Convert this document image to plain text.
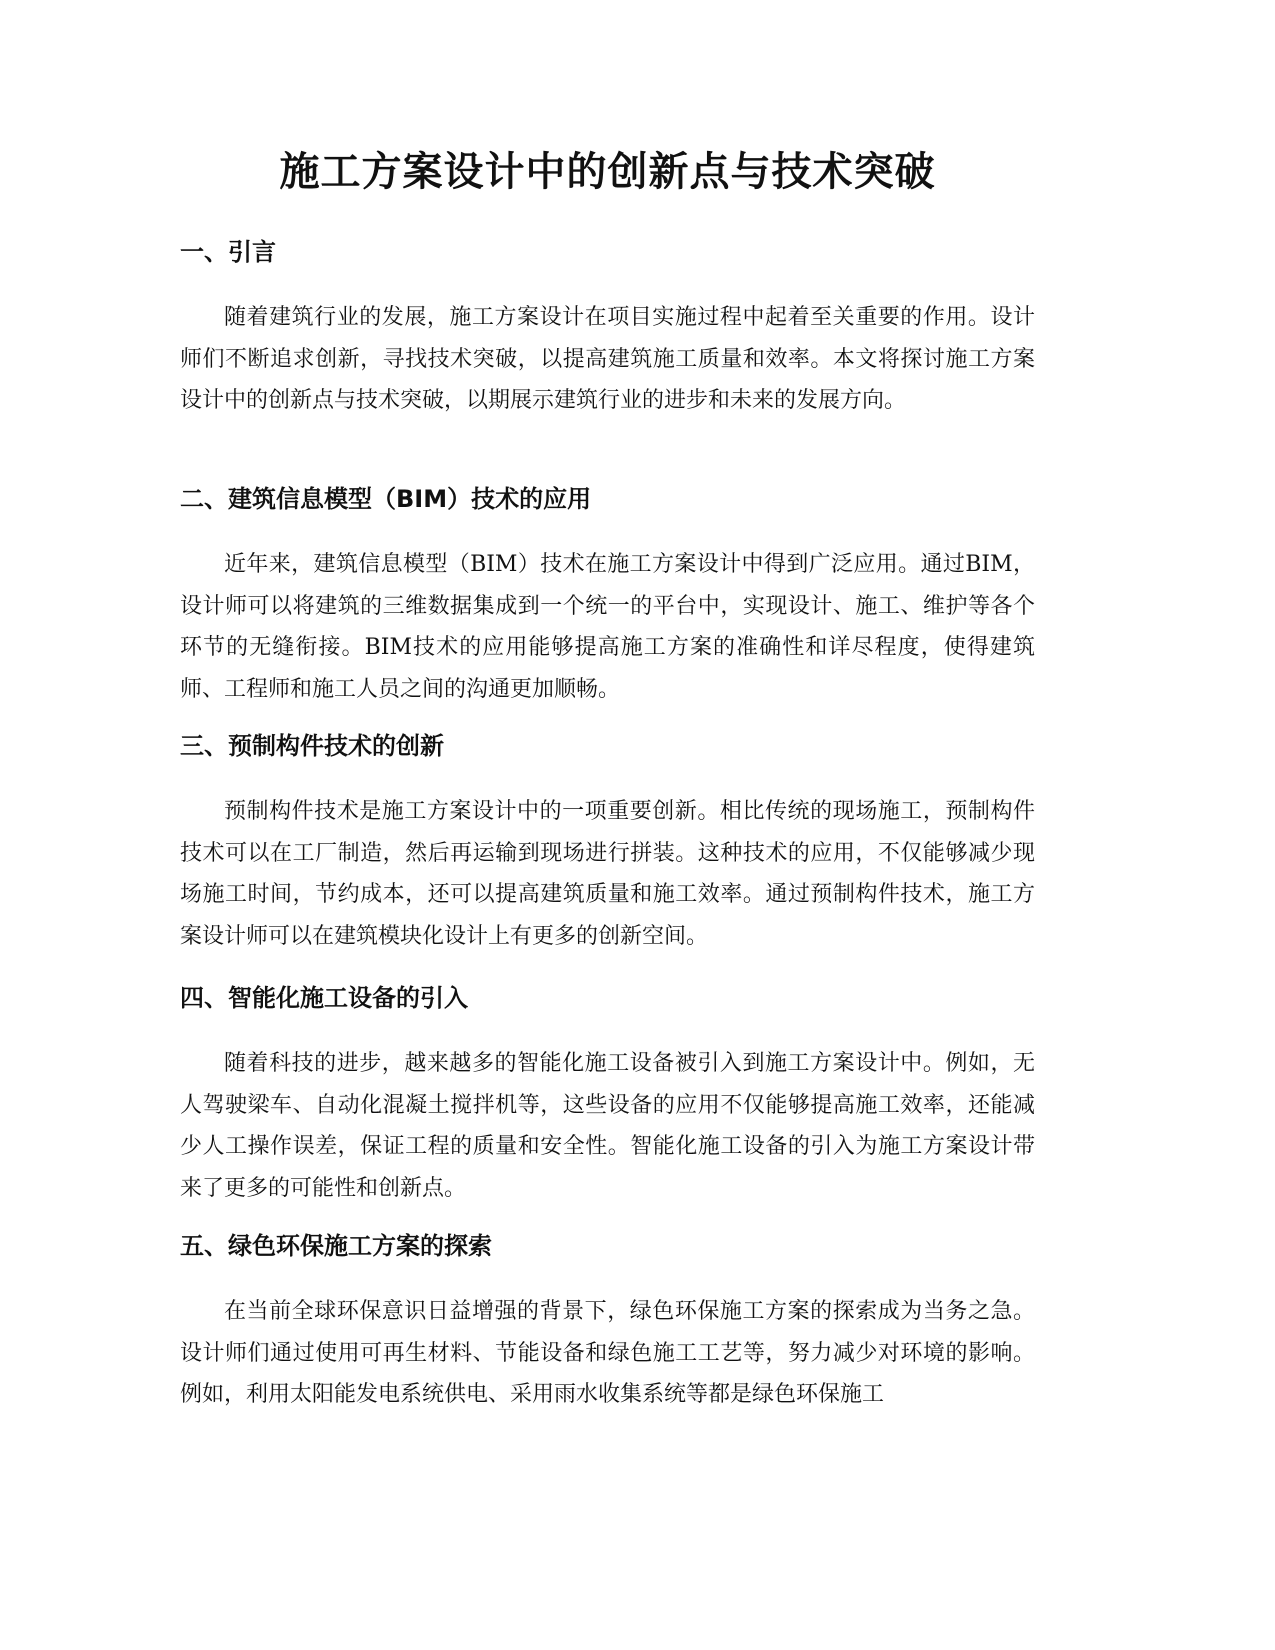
施工方案设计中的创新点与技术突破
一、引言

随着建筑行业的发展，施工方案设计在项目实施过程中起着至关重要的作用。设计师们不断追求创新，寻找技术突破，以提高建筑施工质量和效率。本文将探讨施工方案设计中的创新点与技术突破，以期展示建筑行业的进步和未来的发展方向。

二、建筑信息模型（BIM）技术的应用

近年来，建筑信息模型（BIM）技术在施工方案设计中得到广泛应用。通过BIM，设计师可以将建筑的三维数据集成到一个统一的平台中，实现设计、施工、维护等各个环节的无缝衔接。BIM技术的应用能够提高施工方案的准确性和详尽程度，使得建筑师、工程师和施工人员之间的沟通更加顺畅。

三、预制构件技术的创新

预制构件技术是施工方案设计中的一项重要创新。相比传统的现场施工，预制构件技术可以在工厂制造，然后再运输到现场进行拼装。这种技术的应用，不仅能够减少现场施工时间，节约成本，还可以提高建筑质量和施工效率。通过预制构件技术，施工方案设计师可以在建筑模块化设计上有更多的创新空间。

四、智能化施工设备的引入

随着科技的进步，越来越多的智能化施工设备被引入到施工方案设计中。例如，无人驾驶梁车、自动化混凝土搅拌机等，这些设备的应用不仅能够提高施工效率，还能减少人工操作误差，保证工程的质量和安全性。智能化施工设备的引入为施工方案设计带来了更多的可能性和创新点。

五、绿色环保施工方案的探索

在当前全球环保意识日益增强的背景下，绿色环保施工方案的探索成为当务之急。设计师们通过使用可再生材料、节能设备和绿色施工工艺等，努力减少对环境的影响。例如，利用太阳能发电系统供电、采用雨水收集系统等都是绿色环保施工
